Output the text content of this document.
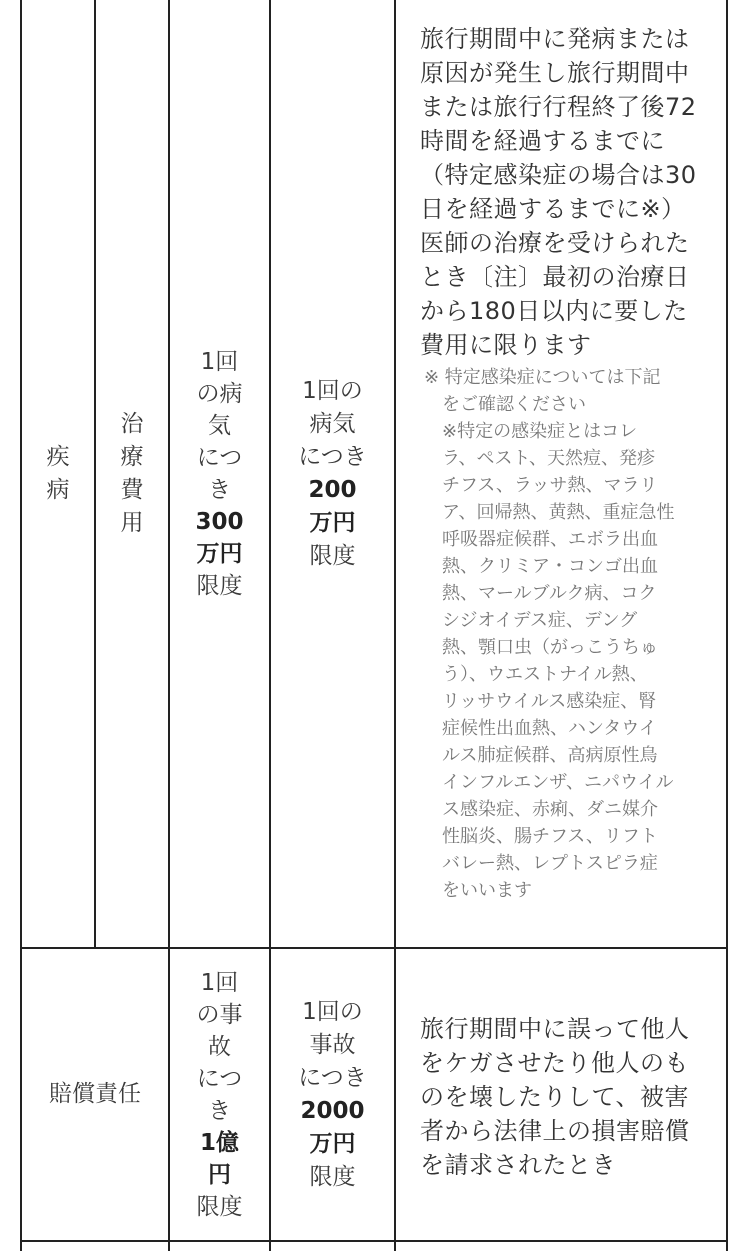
疾
病
治
療
費
用
1回
の病
気
につ
き
300
万円
限度
1回の
病気
につき
200
万円
限度
旅行期間中に発病または
原因が発生し旅行期間中
または旅行行程終了後72
時間を経過するまでに
（特定感染症の場合は30
日を経過するまでに※）
医師の治療を受けられた
とき〔注〕最初の治療日
から180日以内に要した
費用に限ります
※ 特定感染症については下記
　をご確認ください
　※特定の感染症とはコレ
　ラ、ペスト、天然痘、発疹
　チフス、ラッサ熱、マラリ
　ア、回帰熱、黄熱、重症急性
　呼吸器症候群、エボラ出血
　熱、クリミア・コンゴ出血
　熱、マールブルク病、コク
　シジオイデス症、デング
　熱、顎口虫（がっこうちゅ
　う）、ウエストナイル熱、
　リッサウイルス感染症、腎
　症候性出血熱、ハンタウイ
　ルス肺症候群、高病原性鳥
　インフルエンザ、ニパウイル
　ス感染症、赤痢、ダニ媒介
　性脳炎、腸チフス、リフト
　バレー熱、レプトスピラ症
　をいいます
賠償責任
1回
の事
故
につ
き
1億
円
限度
1回の
事故
につき
2000
万円
限度
旅行期間中に誤って他人
をケガさせたり他人のも
のを壊したりして、被害
者から法律上の損害賠償
を請求されたとき
